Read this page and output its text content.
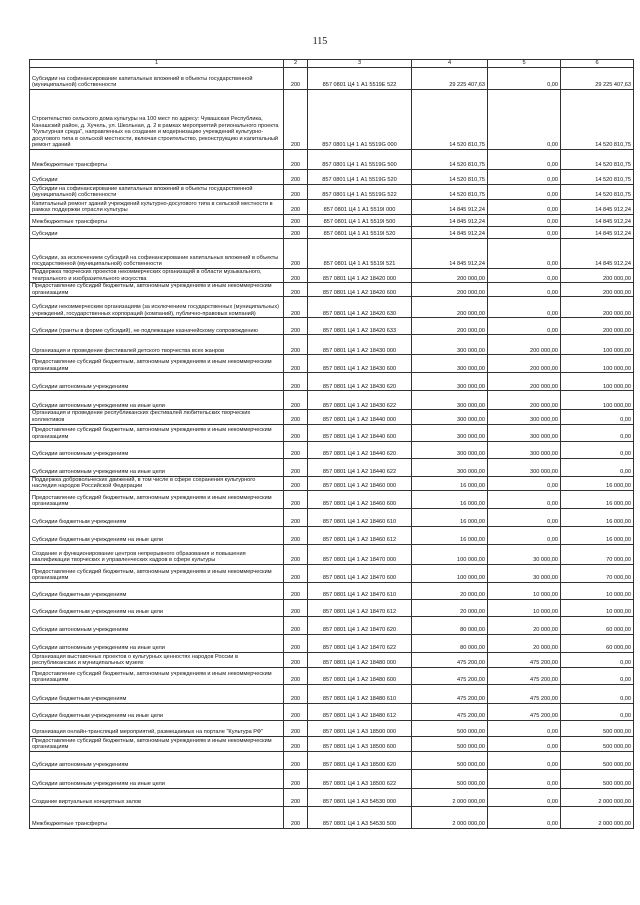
115
1	2	3	4	5	6
Субсидии на софинансирование капитальных вложений в объекты государственной (муниципальной) собственности	200	857 0801 Ц4 1 А1 5519Е 522	29 225 407,63	0,00	29 225 407,63
Строительство сельского дома культуры на 100 мест по адресу: Чувашская Республика, Канашский район, д. Хучель, ул. Школьная, д. 2 в рамках мероприятий регионального проекта "Культурная среда", направленных на создание и модернизацию учреждений культурно-досугового типа в сельской местности, включая строительство, реконструкцию и капитальный ремонт зданий	200	857 0801 Ц4 1 А1 5519G 000	14 520 810,75	0,00	14 520 810,75
Межбюджетные трансферты	200	857 0801 Ц4 1 А1 5519G 500	14 520 810,75	0,00	14 520 810,75
Субсидии	200	857 0801 Ц4 1 А1 5519G 520	14 520 810,75	0,00	14 520 810,75
Субсидии на софинансирование капитальных вложений в объекты государственной (муниципальной) собственности	200	857 0801 Ц4 1 А1 5519G 522	14 520 810,75	0,00	14 520 810,75
Капитальный ремонт зданий учреждений культурно-досугового типа в сельской местности в рамках поддержки отрасли культуры	200	857 0801 Ц4 1 А1 5519I 000	14 845 912,24	0,00	14 845 912,24
Межбюджетные трансферты	200	857 0801 Ц4 1 А1 5519I 500	14 845 912,24	0,00	14 845 912,24
Субсидии	200	857 0801 Ц4 1 А1 5519I 520	14 845 912,24	0,00	14 845 912,24
Субсидии, за исключением субсидий на софинансирование капитальных вложений в объекты государственной (муниципальной) собственности	200	857 0801 Ц4 1 А1 5519I 521	14 845 912,24	0,00	14 845 912,24
Поддержка творческих проектов некоммерческих организаций в области музыкального, театрального и изобразительного искусства	200	857 0801 Ц4 1 А2 18420 000	200 000,00	0,00	200 000,00
Предоставление субсидий бюджетным, автономным учреждениям и иным некоммерческим организациям	200	857 0801 Ц4 1 А2 18420 600	200 000,00	0,00	200 000,00
Субсидии некоммерческим организациям (за исключением государственных (муниципальных) учреждений, государственных корпораций (компаний), публично-правовых компаний)	200	857 0801 Ц4 1 А2 18420 630	200 000,00	0,00	200 000,00
Субсидии (гранты в форме субсидий), не подлежащие казначейскому сопровождению	200	857 0801 Ц4 1 А2 18420 633	200 000,00	0,00	200 000,00
Организация и проведение фестивалей детского творчества всех жанров	200	857 0801 Ц4 1 А2 18430 000	300 000,00	200 000,00	100 000,00
Предоставление субсидий бюджетным, автономным учреждениям и иным некоммерческим организациям	200	857 0801 Ц4 1 А2 18430 600	300 000,00	200 000,00	100 000,00
Субсидии автономным учреждениям	200	857 0801 Ц4 1 А2 18430 620	300 000,00	200 000,00	100 000,00
Субсидии автономным учреждениям на иные цели	200	857 0801 Ц4 1 А2 18430 622	300 000,00	200 000,00	100 000,00
Организация и проведение республиканских фестивалей любительских творческих коллективов	200	857 0801 Ц4 1 А2 18440 000	300 000,00	300 000,00	0,00
Предоставление субсидий бюджетным, автономным учреждениям и иным некоммерческим организациям	200	857 0801 Ц4 1 А2 18440 600	300 000,00	300 000,00	0,00
Субсидии автономным учреждениям	200	857 0801 Ц4 1 А2 18440 620	300 000,00	300 000,00	0,00
Субсидии автономным учреждениям на иные цели	200	857 0801 Ц4 1 А2 18440 622	300 000,00	300 000,00	0,00
Поддержка добровольческих движений, в том числе в сфере сохранения культурного наследия народов Российской Федерации	200	857 0801 Ц4 1 А2 18460 000	16 000,00	0,00	16 000,00
Предоставление субсидий бюджетным, автономным учреждениям и иным некоммерческим организациям	200	857 0801 Ц4 1 А2 18460 600	16 000,00	0,00	16 000,00
Субсидии бюджетным учреждениям	200	857 0801 Ц4 1 А2 18460 610	16 000,00	0,00	16 000,00
Субсидии бюджетным учреждениям на иные цели	200	857 0801 Ц4 1 А2 18460 612	16 000,00	0,00	16 000,00
Создание и функционирование центров непрерывного образования и повышения квалификации творческих и управленческих кадров в сфере культуры	200	857 0801 Ц4 1 А2 18470 000	100 000,00	30 000,00	70 000,00
Предоставление субсидий бюджетным, автономным учреждениям и иным некоммерческим организациям	200	857 0801 Ц4 1 А2 18470 600	100 000,00	30 000,00	70 000,00
Субсидии бюджетным учреждениям	200	857 0801 Ц4 1 А2 18470 610	20 000,00	10 000,00	10 000,00
Субсидии бюджетным учреждениям на иные цели	200	857 0801 Ц4 1 А2 18470 612	20 000,00	10 000,00	10 000,00
Субсидии автономным учреждениям	200	857 0801 Ц4 1 А2 18470 620	80 000,00	20 000,00	60 000,00
Субсидии автономным учреждениям на иные цели	200	857 0801 Ц4 1 А2 18470 622	80 000,00	20 000,00	60 000,00
Организация выставочных проектов о культурных ценностях народов России в республиканских и муниципальных музеях	200	857 0801 Ц4 1 А2 18480 000	475 200,00	475 200,00	0,00
Предоставление субсидий бюджетным, автономным учреждениям и иным некоммерческим организациям	200	857 0801 Ц4 1 А2 18480 600	475 200,00	475 200,00	0,00
Субсидии бюджетным учреждениям	200	857 0801 Ц4 1 А2 18480 610	475 200,00	475 200,00	0,00
Субсидии бюджетным учреждениям на иные цели	200	857 0801 Ц4 1 А2 18480 612	475 200,00	475 200,00	0,00
Организация онлайн-трансляций мероприятий, размещаемых на портале "Культура РФ"	200	857 0801 Ц4 1 А3 18500 000	500 000,00	0,00	500 000,00
Предоставление субсидий бюджетным, автономным учреждениям и иным некоммерческим организациям	200	857 0801 Ц4 1 А3 18500 600	500 000,00	0,00	500 000,00
Субсидии автономным учреждениям	200	857 0801 Ц4 1 А3 18500 620	500 000,00	0,00	500 000,00
Субсидии автономным учреждениям на иные цели	200	857 0801 Ц4 1 А3 18500 622	500 000,00	0,00	500 000,00
Создание виртуальных концертных залов	200	857 0801 Ц4 1 А3 54530 000	2 000 000,00	0,00	2 000 000,00
Межбюджетные трансферты	200	857 0801 Ц4 1 А3 54530 500	2 000 000,00	0,00	2 000 000,00
